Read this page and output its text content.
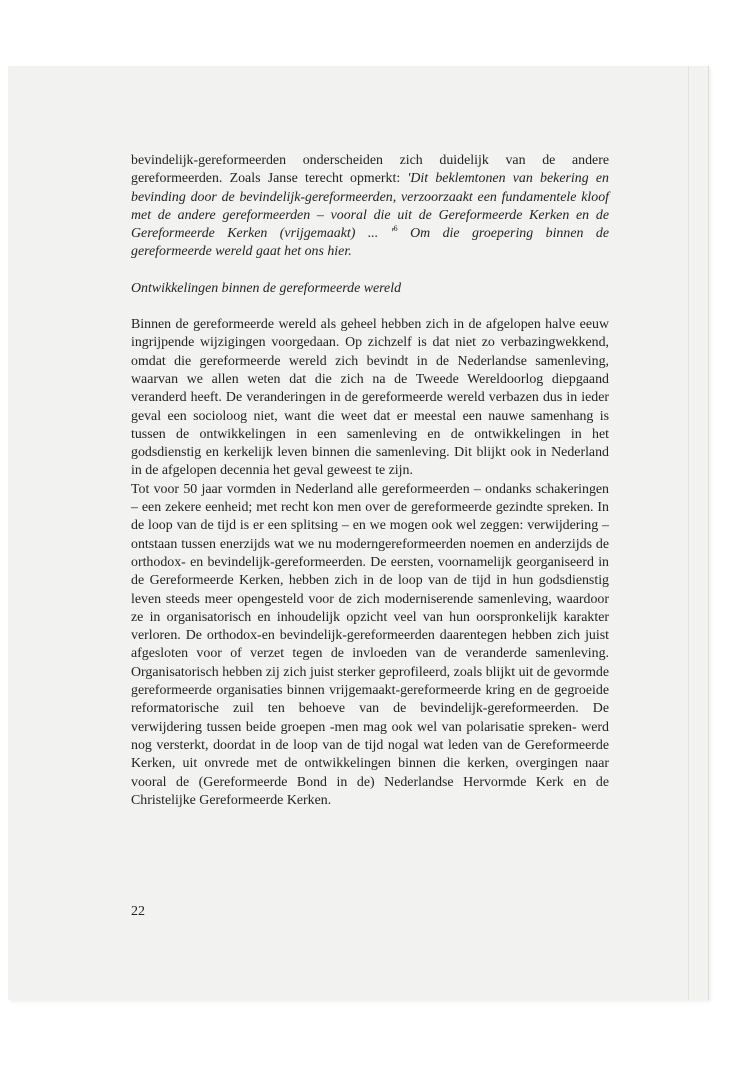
bevindelijk-gereformeerden onderscheiden zich duidelijk van de andere gereformeerden. Zoals Janse terecht opmerkt: 'Dit beklemtonen van bekering en bevinding door de bevindelijk-gereformeerden, verzoorzaakt een fundamentele kloof met de andere gereformeerden – vooral die uit de Gereformeerde Kerken en de Gereformeerde Kerken (vrijgemaakt) ... '$^6$ Om die groepering binnen de gereformeerde wereld gaat het ons hier.

Ontwikkelingen binnen de gereformeerde wereld

Binnen de gereformeerde wereld als geheel hebben zich in de afgelopen halve eeuw ingrijpende wijzigingen voorgedaan. Op zichzelf is dat niet zo verbazingwekkend, omdat die gereformeerde wereld zich bevindt in de Nederlandse samenleving, waarvan we allen weten dat die zich na de Tweede Wereldoorlog diepgaand veranderd heeft. De veranderingen in de gereformeerde wereld verbazen dus in ieder geval een socioloog niet, want die weet dat er meestal een nauwe samenhang is tussen de ontwikkelingen in een samenleving en de ontwikkelingen in het godsdienstig en kerkelijk leven binnen die samenleving. Dit blijkt ook in Nederland in de afgelopen decennia het geval geweest te zijn.

Tot voor 50 jaar vormden in Nederland alle gereformeerden – ondanks schakeringen – een zekere eenheid; met recht kon men over de gereformeerde gezindte spreken. In de loop van de tijd is er een splitsing – en we mogen ook wel zeggen: verwijdering – ontstaan tussen enerzijds wat we nu moderngereformeerden noemen en anderzijds de orthodox- en bevindelijk-gereformeerden. De eersten, voornamelijk georganiseerd in de Gereformeerde Kerken, hebben zich in de loop van de tijd in hun godsdienstig leven steeds meer opengesteld voor de zich moderniserende samenleving, waardoor ze in organisatorisch en inhoudelijk opzicht veel van hun oorspronkelijk karakter verloren. De orthodox-en bevindelijk-gereformeerden daarentegen hebben zich juist afgesloten voor of verzet tegen de invloeden van de veranderde samenleving. Organisatorisch hebben zij zich juist sterker geprofileerd, zoals blijkt uit de gevormde gereformeerde organisaties binnen vrijgemaakt-gereformeerde kring en de gegroeide reformatorische zuil ten behoeve van de bevindelijk-gereformeerden. De verwijdering tussen beide groepen -men mag ook wel van polarisatie spreken- werd nog versterkt, doordat in de loop van de tijd nogal wat leden van de Gereformeerde Kerken, uit onvrede met de ontwikkelingen binnen die kerken, overgingen naar vooral de (Gereformeerde Bond in de) Nederlandse Hervormde Kerk en de Christelijke Gereformeerde Kerken.

22
